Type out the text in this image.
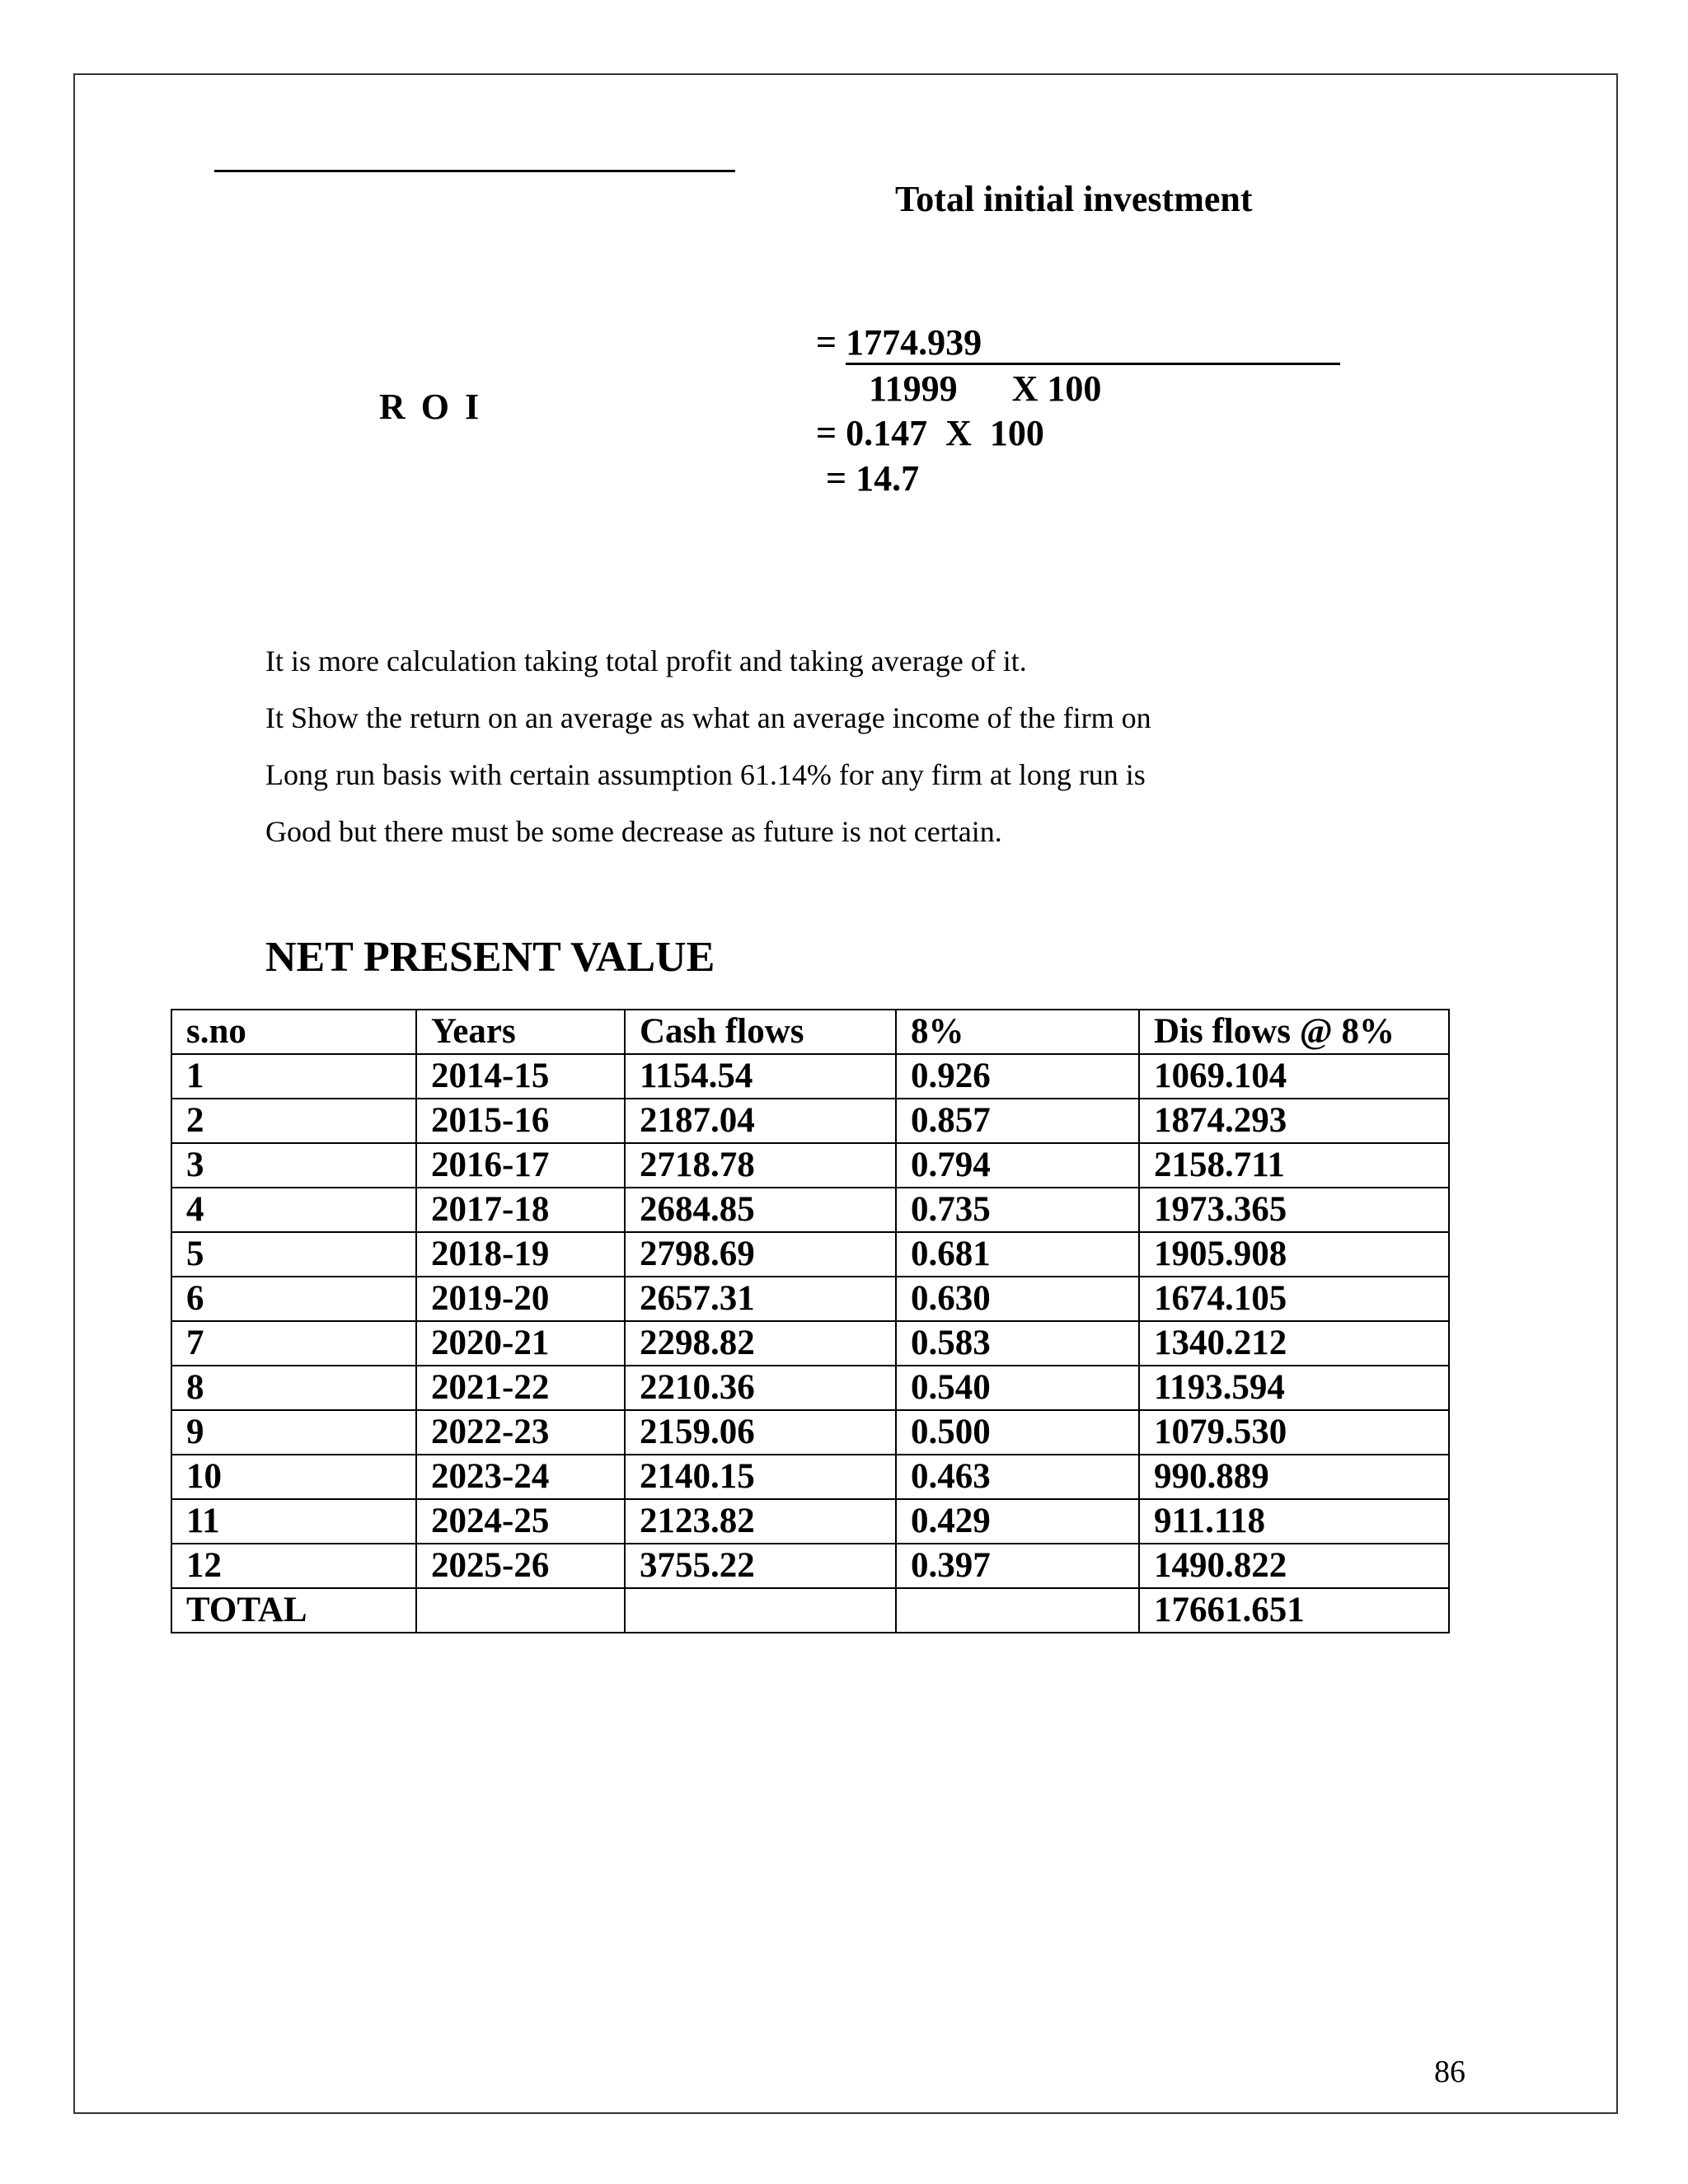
Total initial investment
R O I
= 1774.939
11999      X 100
= 0.147  X  100
= 14.7

It is more calculation taking total profit and taking average of it.

It Show the return on an average as what an average income of the firm on

Long run basis with certain assumption 61.14% for any firm at long run is

Good but there must be some decrease as future is not certain.

NET PRESENT VALUE
s.no	Years	Cash flows	8%	Dis flows @ 8%
1	2014-15	1154.54	0.926	1069.104
2	2015-16	2187.04	0.857	1874.293
3	2016-17	2718.78	0.794	2158.711
4	2017-18	2684.85	0.735	1973.365
5	2018-19	2798.69	0.681	1905.908
6	2019-20	2657.31	0.630	1674.105
7	2020-21	2298.82	0.583	1340.212
8	2021-22	2210.36	0.540	1193.594
9	2022-23	2159.06	0.500	1079.530
10	2023-24	2140.15	0.463	990.889
11	2024-25	2123.82	0.429	911.118
12	2025-26	3755.22	0.397	1490.822
TOTAL				17661.651
86
